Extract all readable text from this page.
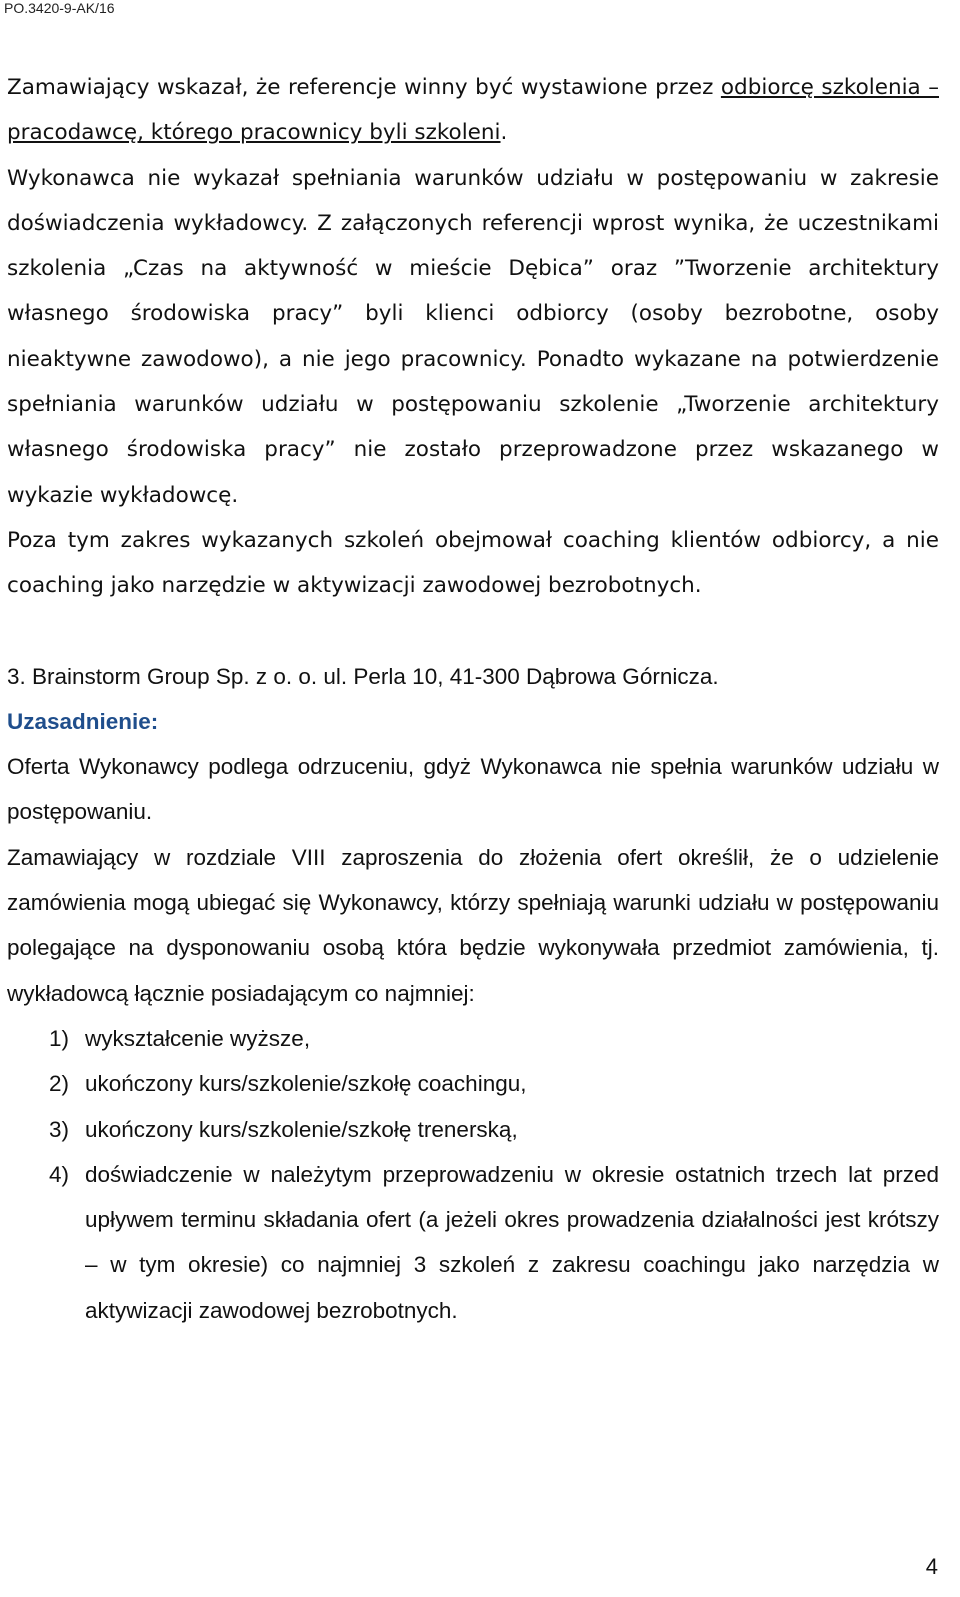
PO.3420-9-AK/16

Zamawiający wskazał, że referencje winny być wystawione przez odbiorcę szkolenia – pracodawcę, którego pracownicy byli szkoleni.

Wykonawca nie wykazał spełniania warunków udziału w postępowaniu w zakresie doświadczenia wykładowcy. Z załączonych referencji wprost wynika, że uczestnikami szkolenia „Czas na aktywność w mieście Dębica” oraz ”Tworzenie architektury własnego środowiska pracy” byli klienci odbiorcy (osoby bezrobotne, osoby nieaktywne zawodowo), a nie jego pracownicy. Ponadto wykazane na potwierdzenie spełniania warunków udziału w postępowaniu szkolenie „Tworzenie architektury własnego środowiska pracy” nie zostało przeprowadzone przez wskazanego w wykazie wykładowcę.

Poza tym zakres wykazanych szkoleń obejmował coaching klientów odbiorcy, a nie coaching jako narzędzie w aktywizacji zawodowej bezrobotnych.

3. Brainstorm Group Sp. z o. o. ul. Perla 10, 41-300 Dąbrowa Górnicza.

Uzasadnienie:

Oferta Wykonawcy podlega odrzuceniu, gdyż Wykonawca nie spełnia warunków udziału w postępowaniu.

Zamawiający w rozdziale VIII zaproszenia do złożenia ofert określił, że o udzielenie zamówienia mogą ubiegać się Wykonawcy, którzy spełniają warunki udziału w postępowaniu polegające na dysponowaniu osobą która będzie wykonywała przedmiot zamówienia, tj. wykładowcą łącznie posiadającym co najmniej:

1) wykształcenie wyższe,
2) ukończony kurs/szkolenie/szkołę coachingu,
3) ukończony kurs/szkolenie/szkołę trenerską,
4) doświadczenie w należytym przeprowadzeniu w okresie ostatnich trzech lat przed upływem terminu składania ofert (a jeżeli okres prowadzenia działalności jest krótszy – w tym okresie) co najmniej 3 szkoleń z zakresu coachingu jako narzędzia w aktywizacji zawodowej bezrobotnych.
4
